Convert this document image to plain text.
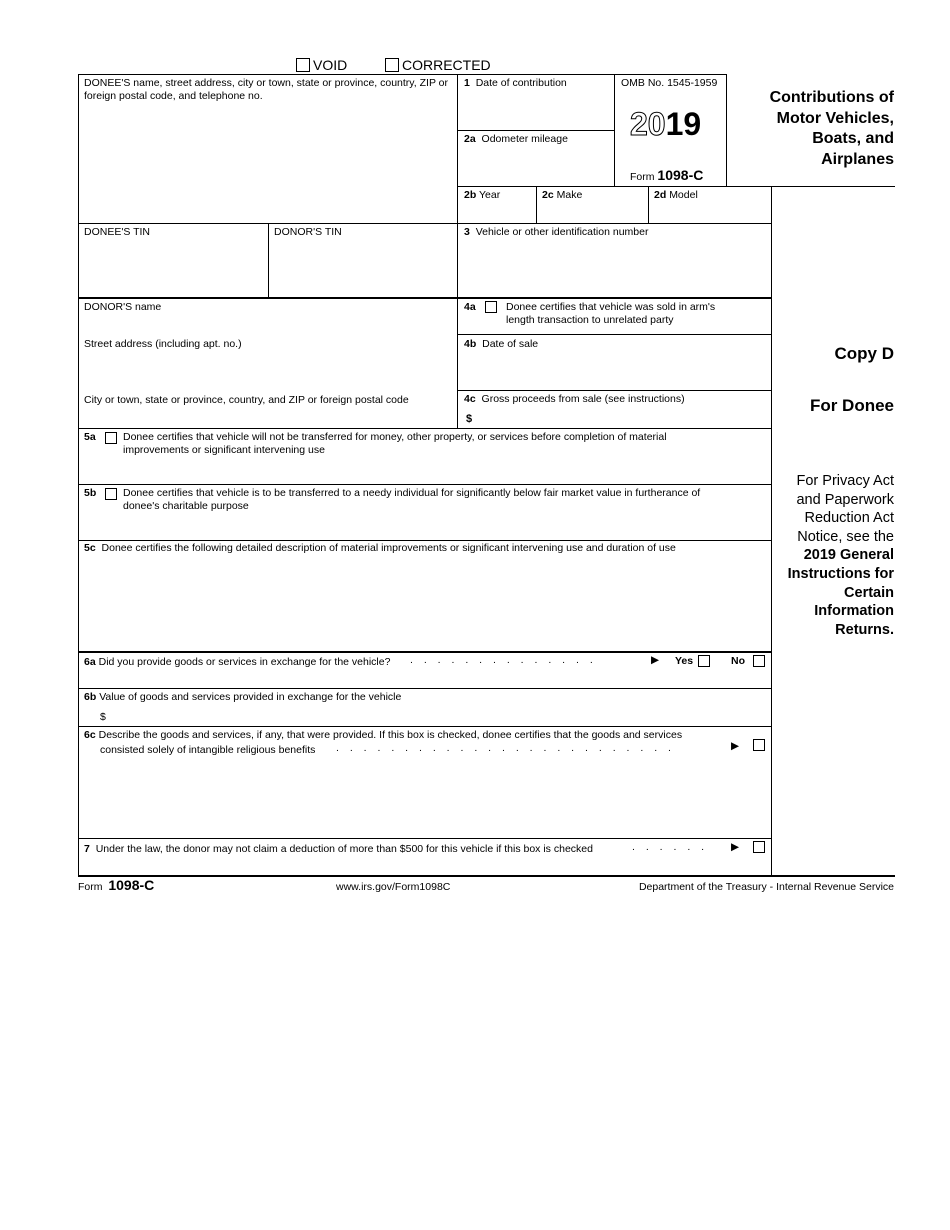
VOID	CORRECTED
DONEE'S name, street address, city or town, state or province, country, ZIP or foreign postal code, and telephone no.
1 Date of contribution
2a Odometer mileage
OMB No. 1545-1959
2019
Form 1098-C
Contributions of
Motor Vehicles,
Boats, and
Airplanes
2b Year	2c Make	2d Model
DONEE'S TIN	DONOR'S TIN	3 Vehicle or other identification number
DONOR'S name
Street address (including apt. no.)
City or town, state or province, country, and ZIP or foreign postal code
4a	Donee certifies that vehicle was sold in arm's
length transaction to unrelated party
4b Date of sale
4c Gross proceeds from sale (see instructions)
$
5a	Donee certifies that vehicle will not be transferred for money, other property, or services before completion of material
improvements or significant intervening use
5b	Donee certifies that vehicle is to be transferred to a needy individual for significantly below fair market value in furtherance of
donee's charitable purpose
5c Donee certifies the following detailed description of material improvements or significant intervening use and duration of use
6a Did you provide goods or services in exchange for the vehicle? . . . . . . . . . . . . . .	▶ Yes	No
6b Value of goods and services provided in exchange for the vehicle
$
6c Describe the goods and services, if any, that were provided. If this box is checked, donee certifies that the goods and services
consisted solely of intangible religious benefits . . . . . . . . . . . . . . . . . . . . . . . . .	▶
7 Under the law, the donor may not claim a deduction of more than $500 for this vehicle if this box is checked	. . . . . . ▶
Copy D
For Donee
For Privacy Act
and Paperwork
Reduction Act
Notice, see the
2019 General
Instructions for
Certain
Information
Returns.
Form 1098-C	www.irs.gov/Form1098C	Department of the Treasury - Internal Revenue Service
